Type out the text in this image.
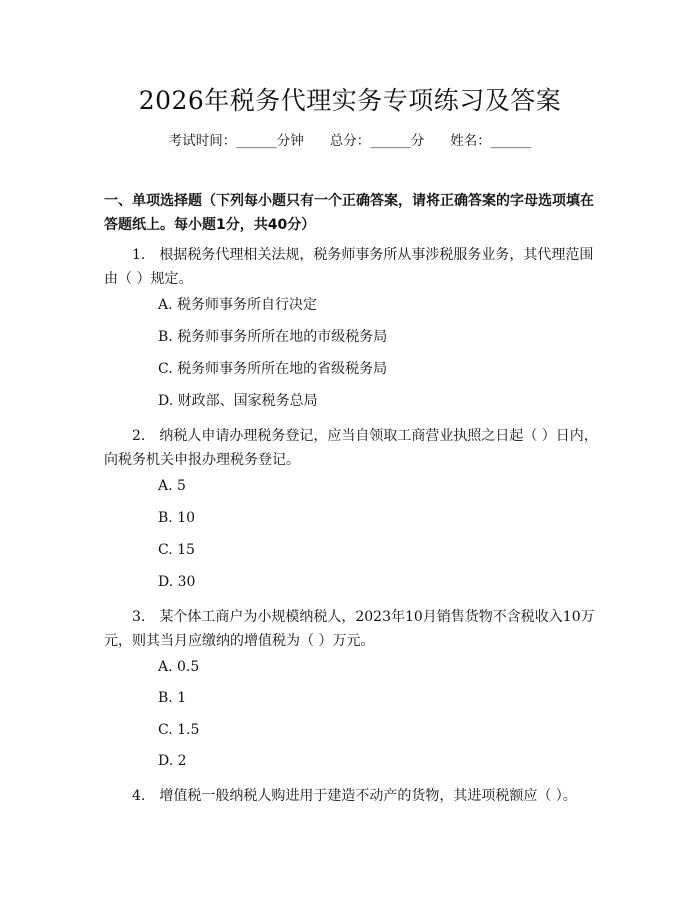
2026年税务代理实务专项练习及答案
考试时间：______分钟 总分：______分 姓名：______
一、单项选择题（下列每小题只有一个正确答案，请将正确答案的字母选项填在答题纸上。每小题1分，共40分）
1.　根据税务代理相关法规，税务师事务所从事涉税服务业务，其代理范围由（ ）规定。
A. 税务师事务所自行决定
B. 税务师事务所所在地的市级税务局
C. 税务师事务所所在地的省级税务局
D. 财政部、国家税务总局
2.　纳税人申请办理税务登记，应当自领取工商营业执照之日起（ ）日内，向税务机关申报办理税务登记。
A. 5
B. 10
C. 15
D. 30
3.　某个体工商户为小规模纳税人，2023年10月销售货物不含税收入10万元，则其当月应缴纳的增值税为（ ）万元。
A. 0.5
B. 1
C. 1.5
D. 2
4.　增值税一般纳税人购进用于建造不动产的货物，其进项税额应（ ）。
